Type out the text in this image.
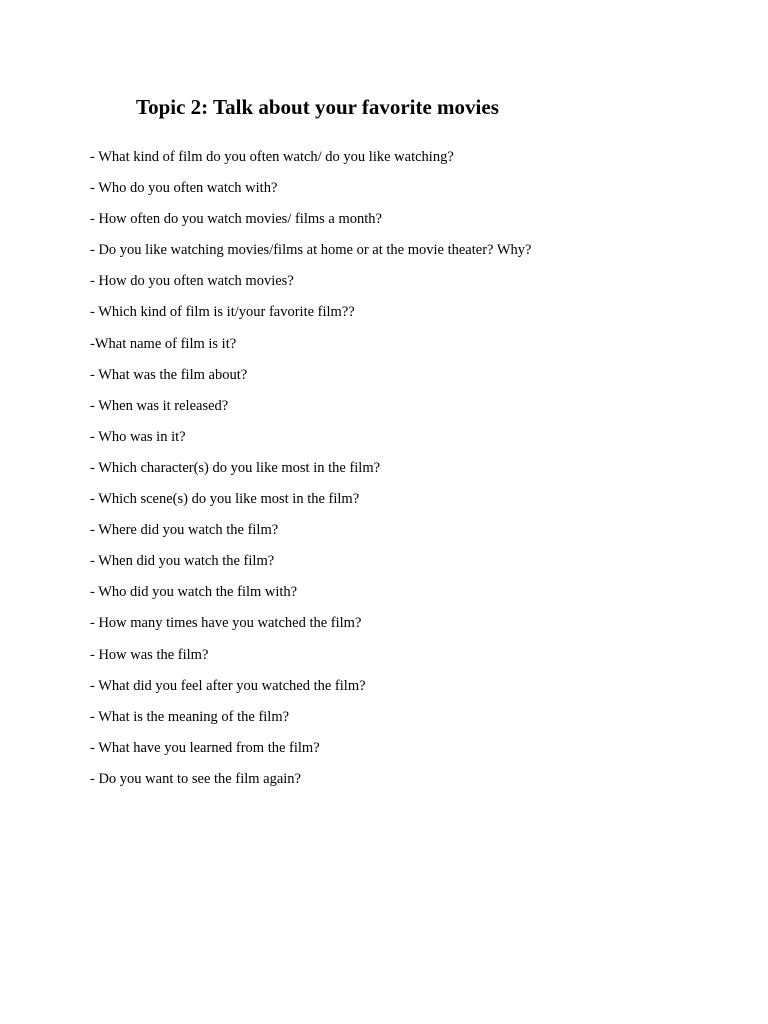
Topic 2: Talk about your favorite movies
- What kind of film do you often watch/ do you like watching?
- Who do you often watch with?
- How often do you watch movies/ films a month?
- Do you like watching movies/films at home or at the movie theater? Why?
- How do you often watch movies?
- Which kind of film is it/your favorite film??
-What name of film is it?
- What was the film about?
- When was it released?
- Who was in it?
- Which character(s) do you like most in the film?
- Which scene(s) do you like most in the film?
- Where did you watch the film?
- When did you watch the film?
- Who did you watch the film with?
- How many times have you watched the film?
- How was the film?
- What did you feel after you watched the film?
- What is the meaning of the film?
- What have you learned from the film?
- Do you want to see the film again?
